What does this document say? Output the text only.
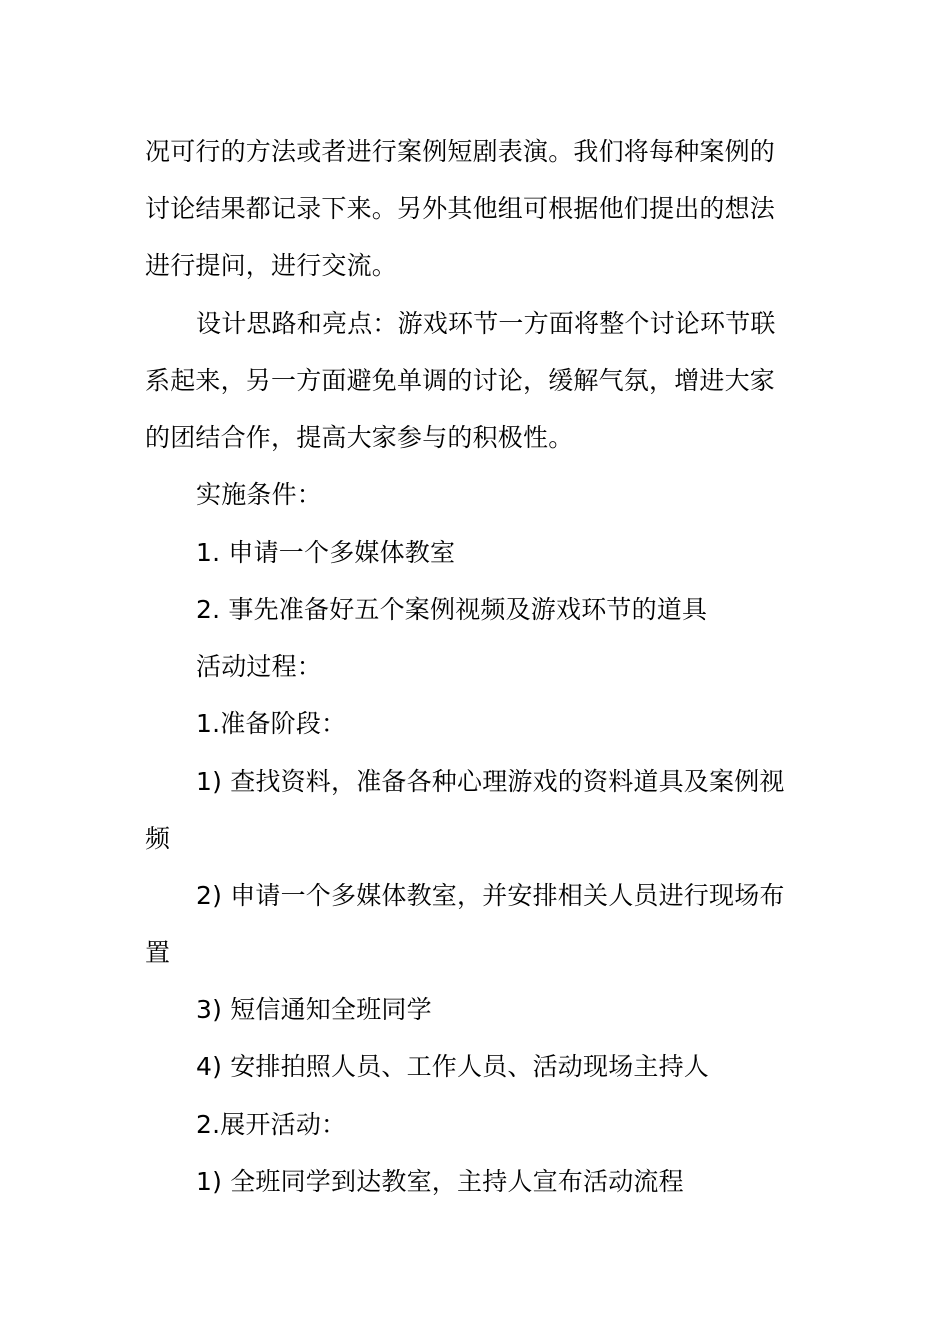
况可行的方法或者进行案例短剧表演。我们将每种案例的
讨论结果都记录下来。另外其他组可根据他们提出的想法
进行提问，进行交流。
设计思路和亮点：游戏环节一方面将整个讨论环节联
系起来，另一方面避免单调的讨论，缓解气氛，增进大家
的团结合作，提高大家参与的积极性。
实施条件：
1. 申请一个多媒体教室
2. 事先准备好五个案例视频及游戏环节的道具
活动过程：
1.准备阶段：
1) 查找资料，准备各种心理游戏的资料道具及案例视
频
2) 申请一个多媒体教室，并安排相关人员进行现场布
置
3) 短信通知全班同学
4) 安排拍照人员、工作人员、活动现场主持人
2.展开活动：
1) 全班同学到达教室，主持人宣布活动流程
